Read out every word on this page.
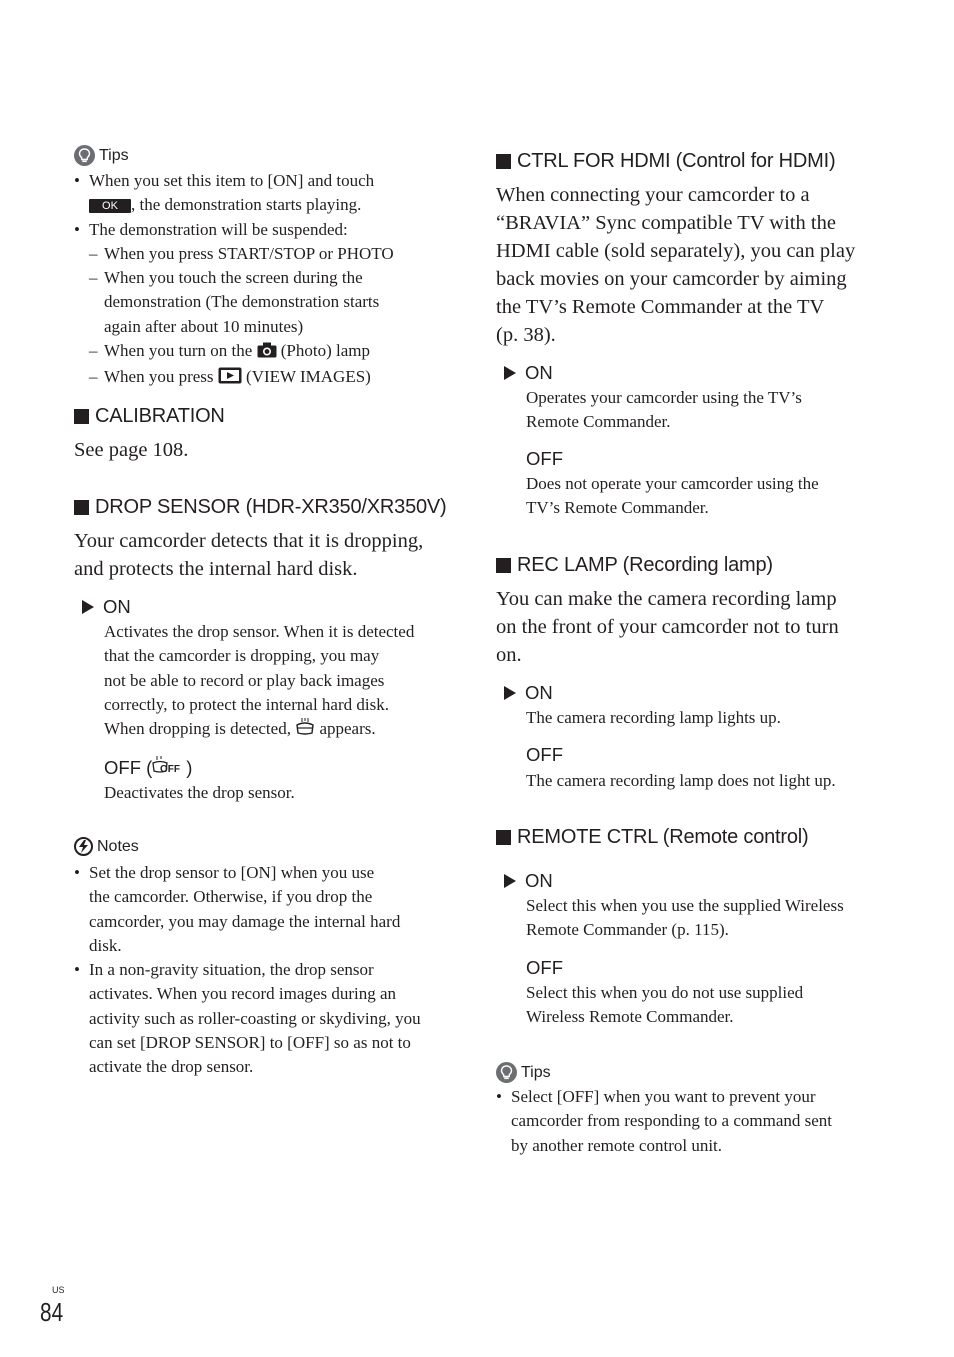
Tips
• When you set this item to [ON] and touch
OK , the demonstration starts playing.
• The demonstration will be suspended:
– When you press START/STOP or PHOTO
– When you touch the screen during the
demonstration (The demonstration starts
again after about 10 minutes)
– When you turn on the (Photo) lamp
– When you press (VIEW IMAGES)
CALIBRATION
See page 108.
DROP SENSOR (HDR-XR350/XR350V)
Your camcorder detects that it is dropping,
and protects the internal hard disk.
ON
Activates the drop sensor. When it is detected
that the camcorder is dropping, you may
not be able to record or play back images
correctly, to protect the internal hard disk.
When dropping is detected, appears.
OFF ( OFF )
Deactivates the drop sensor.
Notes
• Set the drop sensor to [ON] when you use
the camcorder. Otherwise, if you drop the
camcorder, you may damage the internal hard
disk.
• In a non-gravity situation, the drop sensor
activates. When you record images during an
activity such as roller-coasting or skydiving, you
can set [DROP SENSOR] to [OFF] so as not to
activate the drop sensor.
CTRL FOR HDMI (Control for HDMI)
When connecting your camcorder to a
“BRAVIA” Sync compatible TV with the
HDMI cable (sold separately), you can play
back movies on your camcorder by aiming
the TV’s Remote Commander at the TV
(p. 38).
ON
Operates your camcorder using the TV’s
Remote Commander.
OFF
Does not operate your camcorder using the
TV’s Remote Commander.
REC LAMP (Recording lamp)
You can make the camera recording lamp
on the front of your camcorder not to turn
on.
ON
The camera recording lamp lights up.
OFF
The camera recording lamp does not light up.
REMOTE CTRL (Remote control)
ON
Select this when you use the supplied Wireless
Remote Commander (p. 115).
OFF
Select this when you do not use supplied
Wireless Remote Commander.
Tips
• Select [OFF] when you want to prevent your
camcorder from responding to a command sent
by another remote control unit.
US
84
